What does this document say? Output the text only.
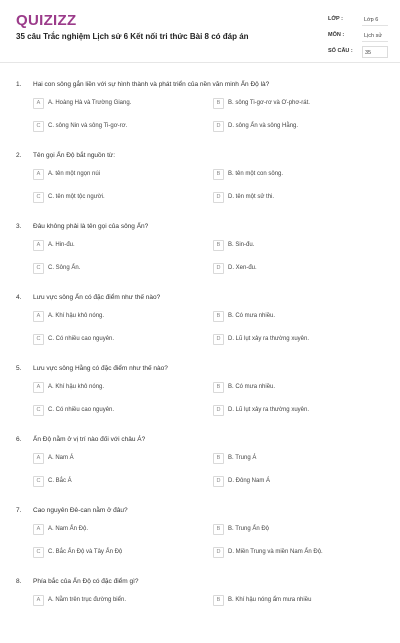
QUIZIZZ
35 câu Trắc nghiệm Lịch sử 6 Kết nối tri thức Bài 8 có đáp án
LỚP :	Lớp 6
MÔN :	Lịch sử
SỐ CÂU :	35
1. Hai con sông gắn liền với sự hình thành và phát triển của nền văn minh Ấn Độ là?
A	A. Hoàng Hà và Trường Giang.	B	B. sông Ti-gơ-rơ và Ơ-phơ-rát.
C	C. sông Nin và sông Ti-gơ-rơ.	D	D. sông Ấn và sông Hằng.
2. Tên gọi Ấn Độ bắt nguồn từ:
A	A. tên một ngọn núi	B	B. tên một con sông.
C	C. tên một tộc người.	D	D. tên một sử thi.
3. Đâu không phải là tên gọi của sông Ấn?
A	A. Hin-đu.	B	B. Sin-đu.
C	C. Sông Ấn.	D	D. Xen-đu.
4. Lưu vực sông Ấn có đặc điểm như thế nào?
A	A. Khí hậu khô nóng.	B	B. Có mưa nhiều.
C	C. Có nhiều cao nguyên.	D	D. Lũ lụt xảy ra thường xuyên.
5. Lưu vực sông Hằng có đặc điểm như thế nào?
A	A. Khí hậu khô nóng.	B	B. Có mưa nhiều.
C	C. Có nhiều cao nguyên.	D	D. Lũ lụt xảy ra thường xuyên.
6. Ấn Độ nằm ở vị trí nào đối với châu Á?
A	A. Nam Á	B	B. Trung Á
C	C. Bắc Á	D	D. Đông Nam Á
7. Cao nguyên Đê-can nằm ở đâu?
A	A. Nam Ấn Độ.	B	B. Trung Ấn Độ
C	C. Bắc Ấn Độ và Tây Ấn Độ	D	D. Miền Trung và miền Nam Ấn Độ.
8. Phía bắc của Ấn Độ có đặc điểm gì?
A	A. Nằm trên trục đường biển.	B	B. Khí hậu nóng ẩm mưa nhiều
